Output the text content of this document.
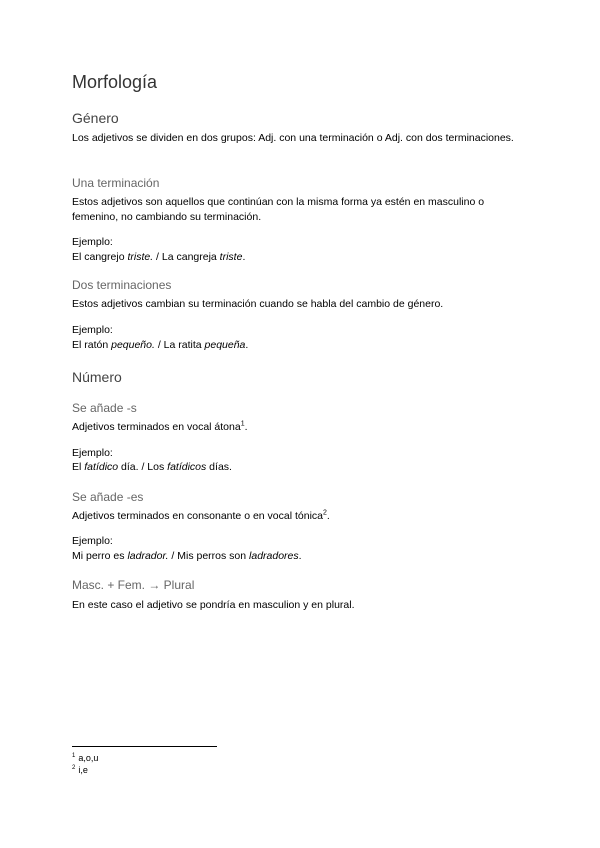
Morfología
Género

Los adjetivos se dividen en dos grupos: Adj. con una terminación o Adj. con dos terminaciones.

Una terminación

Estos adjetivos son aquellos que continúan con la misma forma ya estén en masculino o femenino, no cambiando su terminación.

Ejemplo:

El cangrejo triste. / La cangreja triste.

Dos terminaciones

Estos adjetivos cambian su terminación cuando se habla del cambio de género.

Ejemplo:

El ratón pequeño. / La ratita pequeña.

Número
Se añade -s

Adjetivos terminados en vocal átona$^1$.

Ejemplo:

El fatídico día. / Los fatídicos días.

Se añade -es

Adjetivos terminados en consonante o en vocal tónica$^2$.

Ejemplo:

Mi perro es ladrador. / Mis perros son ladradores.

Masc. + Fem. → Plural

En este caso el adjetivo se pondría en masculion y en plural.

$^1$ a,o,u
$^2$ i,e
